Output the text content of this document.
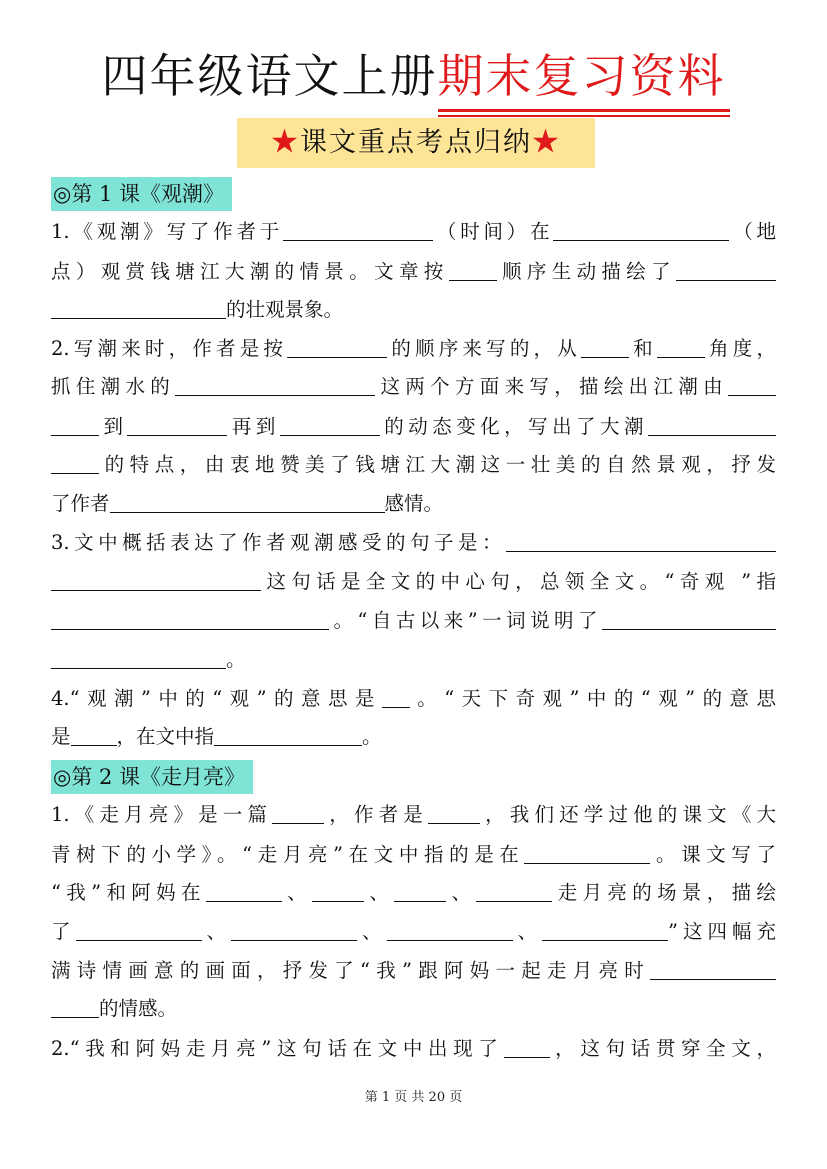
四年级语文上册期末复习资料
★课文重点考点归纳★
◎第 1 课《观潮》
1.《观潮》写了作者于	（时间）在	（地
点）观赏钱塘江大潮的情景。文章按 顺序生动描绘了
的壮观景象。
2.写潮来时，作者是按	的顺序来写的，从 和 角度，
抓住潮水的	这两个方面来写，描绘出江潮由
到	再到	的动态变化，写出了大潮
的特点，由衷地赞美了钱塘江大潮这一壮美的自然景观，抒发
了作者	感情。
3.文中概括表达了作者观潮感受的句子是：
这句话是全文的中心句，总领全文。“奇观 ”指
。“自古以来”一词说明了
。
4.“观潮”中的“观”的意思是 。“天下奇观”中的“观”的意思
是 ，在文中指	。
◎第 2 课《走月亮》
1.《走月亮》是一篇	，作者是	，我们还学过他的课文《大
青树下的小学》。“走月亮”在文中指的是在	。课文写了
“我”和阿妈在	、	、	、	走月亮的场景，描绘
了	、	、	、	”这四幅充
满诗情画意的画面，抒发了“我”跟阿妈一起走月亮时
的情感。
2.“我和阿妈走月亮”这句话在文中出现了 ，这句话贯穿全文，
第 1 页 共 20 页
